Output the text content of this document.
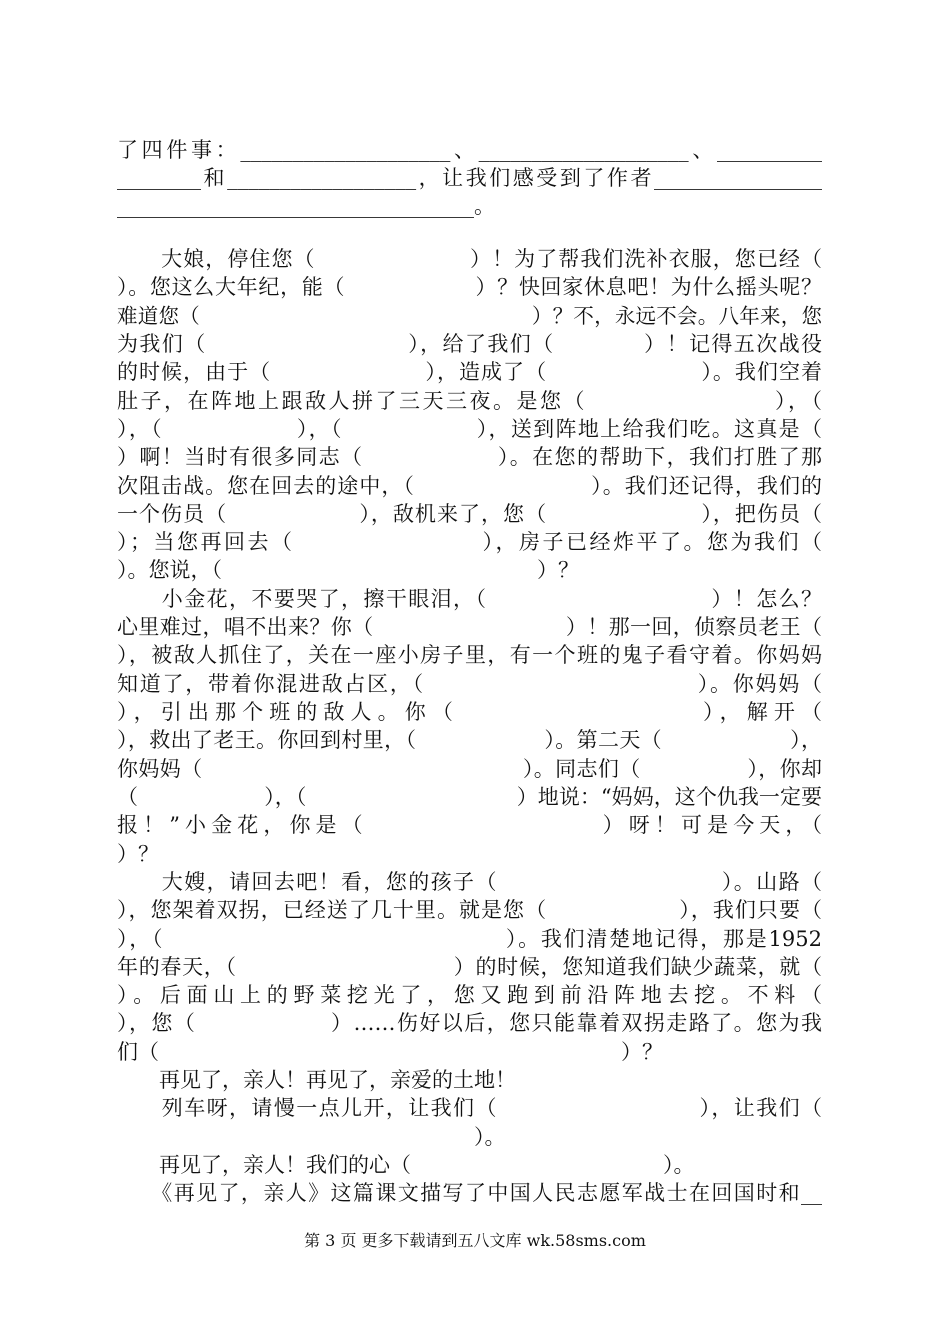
了四件事：____________________、____________________、__________
________和__________________，让我们感受到了作者________________
__________________________________。
　　大娘，停住您（　　　　　　　）！为了帮我们洗补衣服，您已经（
）。您这么大年纪，能（　　　　　　）？快回家休息吧！为什么摇头呢？
难道您（　　　　　　　　　　　　　　　　）？不，永远不会。八年来，您
为我们（　　　　　　　　　），给了我们（　　　　）！记得五次战役
的时候，由于（　　　　　　　），造成了（　　　　　　　）。我们空着
肚子，在阵地上跟敌人拼了三天三夜。是您（　　　　　　　　），（
），（　　　　　　），（　　　　　　），送到阵地上给我们吃。这真是（
）啊！当时有很多同志（　　　　　　）。在您的帮助下，我们打胜了那
次阻击战。您在回去的途中，（　　　　　　　　）。我们还记得，我们的
一个伤员（　　　　　　），敌机来了，您（　　　　　　　），把伤员（
）；当您再回去（　　　　　　　　），房子已经炸平了。您为我们（
）。您说，（　　　　　　　　　　　　　　　）？
　　小金花，不要哭了，擦干眼泪，（　　　　　　　　　　）！怎么？
心里难过，唱不出来？你（　　　　　　　　　）！那一回，侦察员老王（
），被敌人抓住了，关在一座小房子里，有一个班的鬼子看守着。你妈妈
知道了，带着你混进敌占区，（　　　　　　　　　　　　）。你妈妈（
），引出那个班的敌人。你（　　　　　　　　　），解开（
），救出了老王。你回到村里，（　　　　　　）。第二天（　　　　　　），
你妈妈（　　　　　　　　　　　　　　　）。同志们（　　　　　），你却
（　　　　　　），（　　　　　　　　　　）地说：“妈妈，这个仇我一定要
报！”小金花，你是（　　　　　　　　　）呀！可是今天，（
）？
　　大嫂，请回去吧！看，您的孩子（　　　　　　　　　　）。山路（
），您架着双拐，已经送了几十里。就是您（　　　　　　），我们只要（
），（　　　　　　　　　　　　　　　）。我们清楚地记得，那是1952
年的春天，（　　　　　　　　　　）的时候，您知道我们缺少蔬菜，就（
）。后面山上的野菜挖光了，您又跑到前沿阵地去挖。不料（
），您（　　　　　　）……伤好以后，您只能靠着双拐走路了。您为我
们（　　　　　　　　　　　　　　　　　　　　　　）？
　　再见了，亲人！再见了，亲爱的土地！
　　列车呀，请慢一点儿开，让我们（　　　　　　　　　），让我们（
　　　　　　　　　　　　　　　　　）。
　　再见了，亲人！我们的心（　　　　　　　　　　　　）。
　　《再见了，亲人》这篇课文描写了中国人民志愿军战士在回国时和__
第 3 页 更多下载请到五八文库 wk.58sms.com
